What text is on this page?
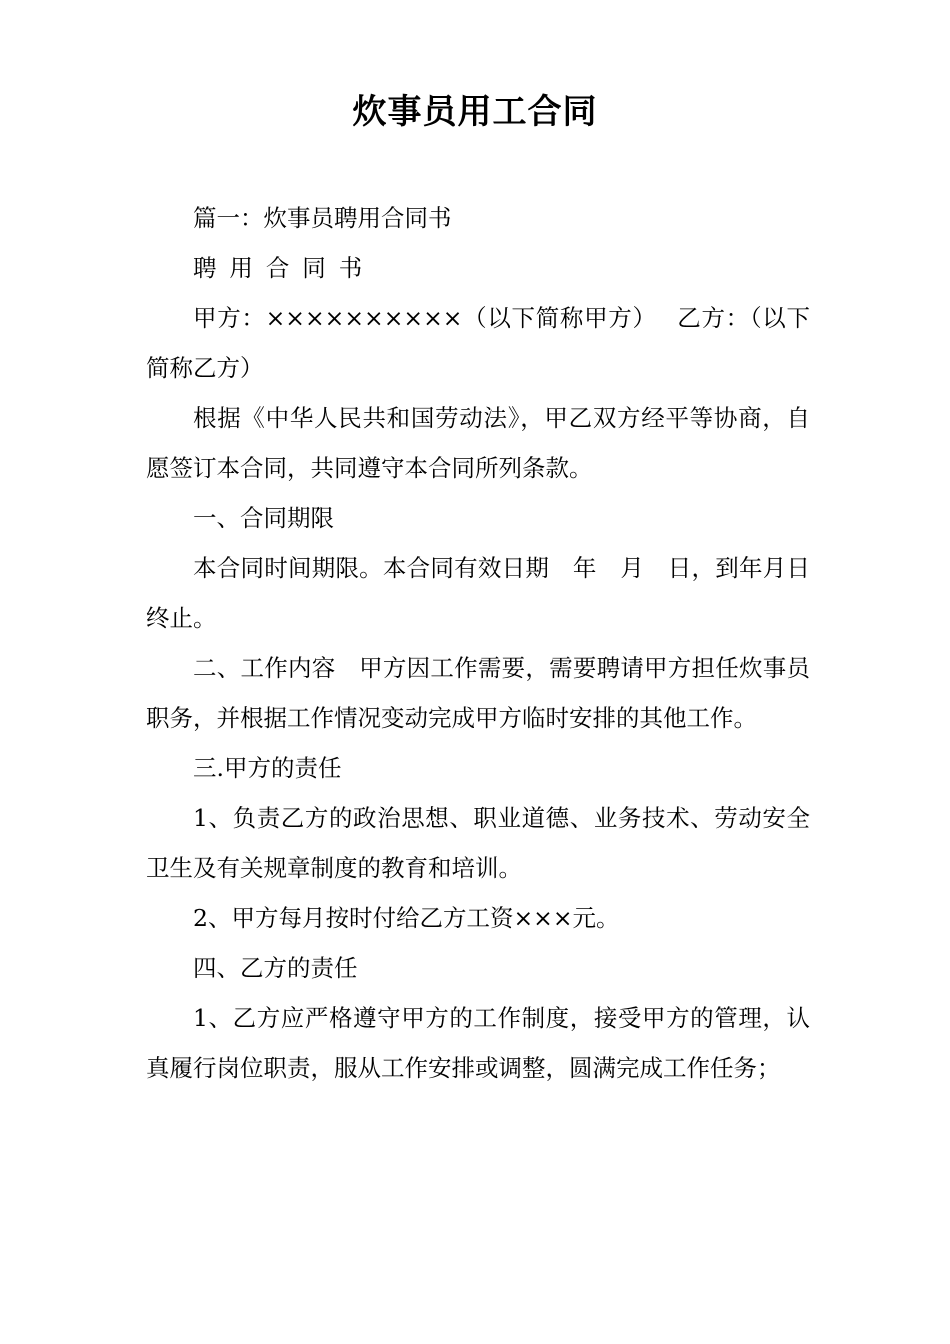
炊事员用工合同

篇一：炊事员聘用合同书

聘用合同书

甲方：××××××××××（以下简称甲方）　 乙方：（以下简称乙方）

根据《中华人民共和国劳动法》，甲乙双方经平等协商，自愿签订本合同，共同遵守本合同所列条款。

一、合同期限

本合同时间期限。本合同有效日期　年　月　日，到年月日终止。

二、工作内容　甲方因工作需要，需要聘请甲方担任炊事员职务，并根据工作情况变动完成甲方临时安排的其他工作。

三.甲方的责任

1、负责乙方的政治思想、职业道德、业务技术、劳动安全卫生及有关规章制度的教育和培训。

2、甲方每月按时付给乙方工资×××元。

四、乙方的责任

1、乙方应严格遵守甲方的工作制度，接受甲方的管理，认真履行岗位职责，服从工作安排或调整，圆满完成工作任务；
